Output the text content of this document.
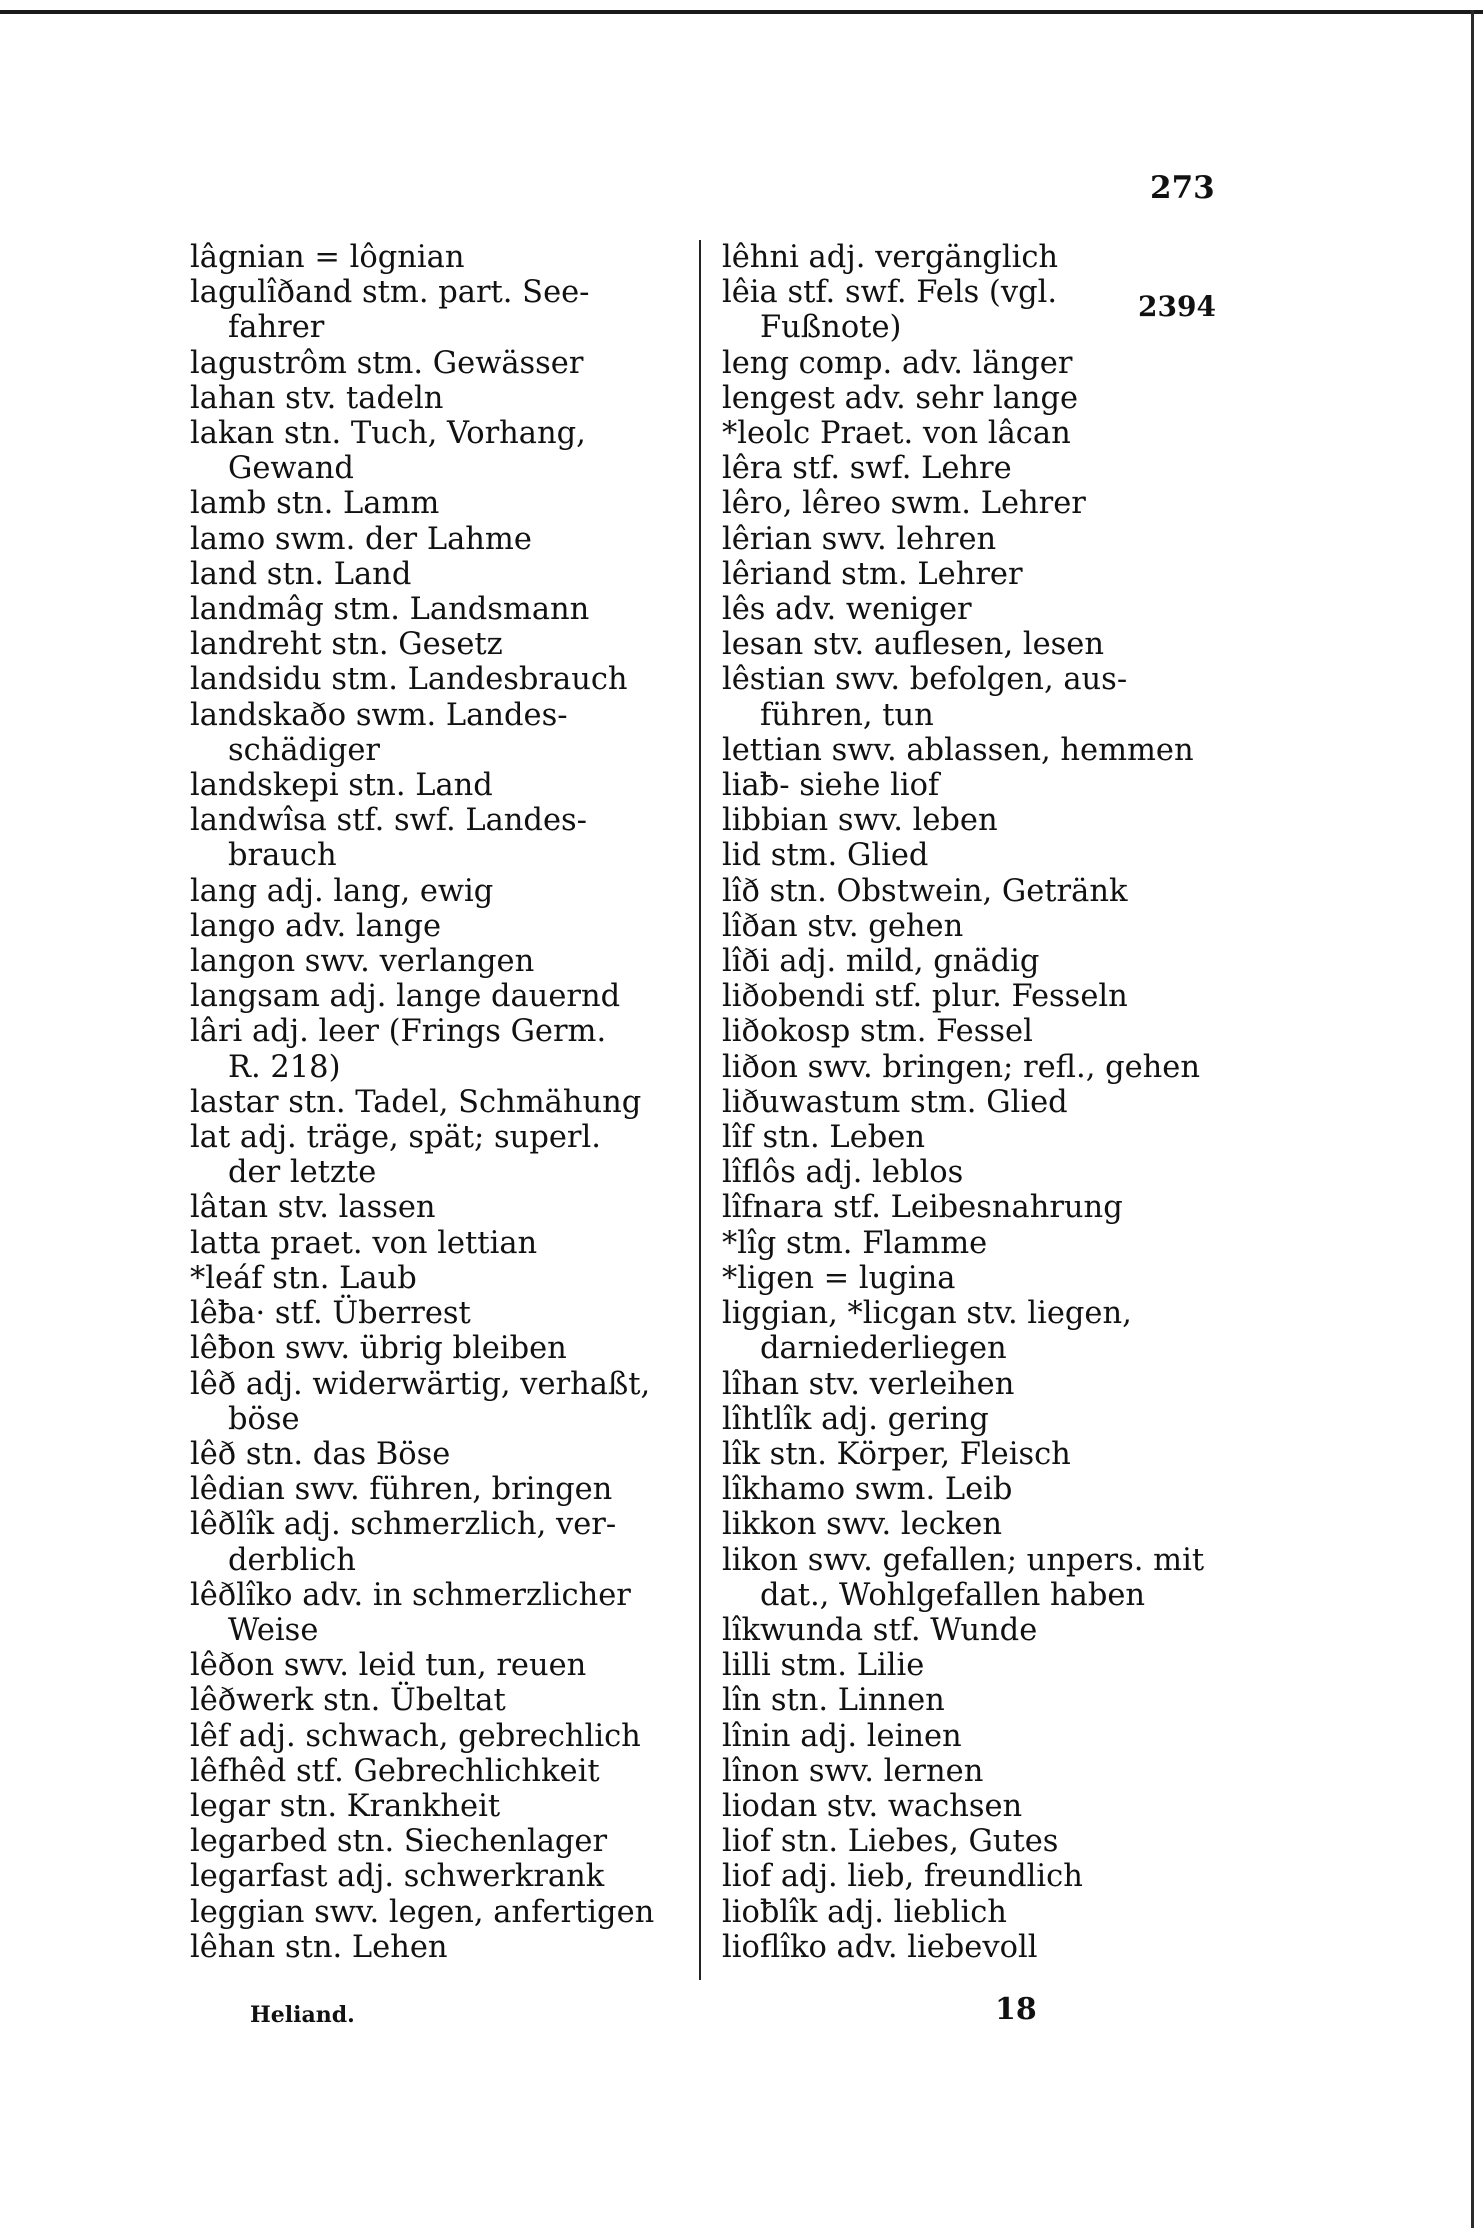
273
2394
lâgnian = lôgnian
lagulîðand stm. part. See-
fahrer
lagustrôm stm. Gewässer
lahan stv. tadeln
lakan stn. Tuch, Vorhang,
Gewand
lamb stn. Lamm
lamo swm. der Lahme
land stn. Land
landmâg stm. Landsmann
landreht stn. Gesetz
landsidu stm. Landesbrauch
landskaðo swm. Landes-
schädiger
landskepi stn. Land
landwîsa stf. swf. Landes-
brauch
lang adj. lang, ewig
lango adv. lange
langon swv. verlangen
langsam adj. lange dauernd
lâri adj. leer (Frings Germ.
R. 218)
lastar stn. Tadel, Schmähung
lat adj. träge, spät; superl.
der letzte
lâtan stv. lassen
latta praet. von lettian
*leáf stn. Laub
lêƀa· stf. Überrest
lêƀon swv. übrig bleiben
lêð adj. widerwärtig, verhaßt,
böse
lêð stn. das Böse
lêdian swv. führen, bringen
lêðlîk adj. schmerzlich, ver-
derblich
lêðlîko adv. in schmerzlicher
Weise
lêðon swv. leid tun, reuen
lêðwerk stn. Übeltat
lêf adj. schwach, gebrechlich
lêfhêd stf. Gebrechlichkeit
legar stn. Krankheit
legarbed stn. Siechenlager
legarfast adj. schwerkrank
leggian swv. legen, anfertigen
lêhan stn. Lehen
lêhni adj. vergänglich
lêia stf. swf. Fels (vgl.
Fußnote)
leng comp. adv. länger
lengest adv. sehr lange
*leolc Praet. von lâcan
lêra stf. swf. Lehre
lêro, lêreo swm. Lehrer
lêrian swv. lehren
lêriand stm. Lehrer
lês adv. weniger
lesan stv. auflesen, lesen
lêstian swv. befolgen, aus-
führen, tun
lettian swv. ablassen, hemmen
liaƀ- siehe liof
libbian swv. leben
lid stm. Glied
lîð stn. Obstwein, Getränk
lîðan stv. gehen
lîði adj. mild, gnädig
liðobendi stf. plur. Fesseln
liðokosp stm. Fessel
liðon swv. bringen; refl., gehen
liðuwastum stm. Glied
lîf stn. Leben
lîflôs adj. leblos
lîfnara stf. Leibesnahrung
*lîg stm. Flamme
*ligen = lugina
liggian, *licgan stv. liegen,
darniederliegen
lîhan stv. verleihen
lîhtlîk adj. gering
lîk stn. Körper, Fleisch
lîkhamo swm. Leib
likkon swv. lecken
likon swv. gefallen; unpers. mit
dat., Wohlgefallen haben
lîkwunda stf. Wunde
lilli stm. Lilie
lîn stn. Linnen
lînin adj. leinen
lînon swv. lernen
liodan stv. wachsen
liof stn. Liebes, Gutes
liof adj. lieb, freundlich
lioƀlîk adj. lieblich
lioflîko adv. liebevoll
Heliand.	18
